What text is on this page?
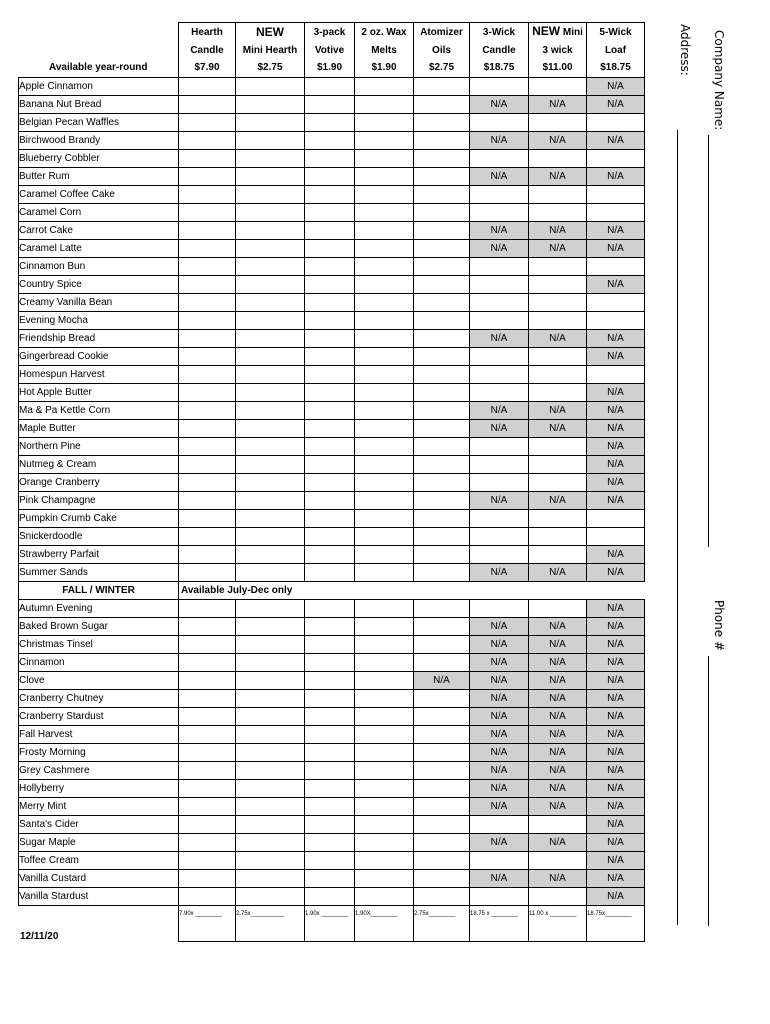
	Hearth	NEW	3-pack	2 oz. Wax	Atomizer	3-Wick	NEW Mini	5-Wick
	Candle	Mini Hearth	Votive	Melts	Oils	Candle	3 wick	Loaf
Available year-round	$7.90	$2.75	$1.90	$1.90	$2.75	$18.75	$11.00	$18.75
Apple Cinnamon								N/A
Banana Nut Bread						N/A	N/A	N/A
Belgian Pecan Waffles								
Birchwood Brandy						N/A	N/A	N/A
Blueberry Cobbler								
Butter Rum						N/A	N/A	N/A
Caramel Coffee Cake								
Caramel Corn								
Carrot Cake						N/A	N/A	N/A
Caramel Latte						N/A	N/A	N/A
Cinnamon Bun								
Country Spice								N/A
Creamy Vanilla Bean								
Evening Mocha								
Friendship Bread						N/A	N/A	N/A
Gingerbread Cookie								N/A
Homespun Harvest								
Hot Apple Butter								N/A
Ma & Pa Kettle Corn						N/A	N/A	N/A
Maple Butter						N/A	N/A	N/A
Northern Pine								N/A
Nutmeg & Cream								N/A
Orange Cranberry								N/A
Pink Champagne						N/A	N/A	N/A
Pumpkin Crumb Cake								
Snickerdoodle								
Strawberry Parfait								N/A
Summer Sands						N/A	N/A	N/A
FALL / WINTER	Available July-Dec only							
Autumn Evening								N/A
Baked Brown Sugar						N/A	N/A	N/A
Christmas Tinsel						N/A	N/A	N/A
Cinnamon						N/A	N/A	N/A
Clove					N/A	N/A	N/A	N/A
Cranberry Chutney						N/A	N/A	N/A
Cranberry Stardust						N/A	N/A	N/A
Fall Harvest						N/A	N/A	N/A
Frosty Morning						N/A	N/A	N/A
Grey Cashmere						N/A	N/A	N/A
Hollyberry						N/A	N/A	N/A
Merry Mint						N/A	N/A	N/A
Santa's Cider								N/A
Sugar Maple						N/A	N/A	N/A
Toffee Cream								N/A
Vanilla Custard						N/A	N/A	N/A
Vanilla Stardust								N/A
	7.90x ________	2.75x__________	1.90x ________	1.90X________	2.75x________	18.75 x ________	11.00 x ________	18.75x________
12/11/20
Company Name:
Address:
Phone #
